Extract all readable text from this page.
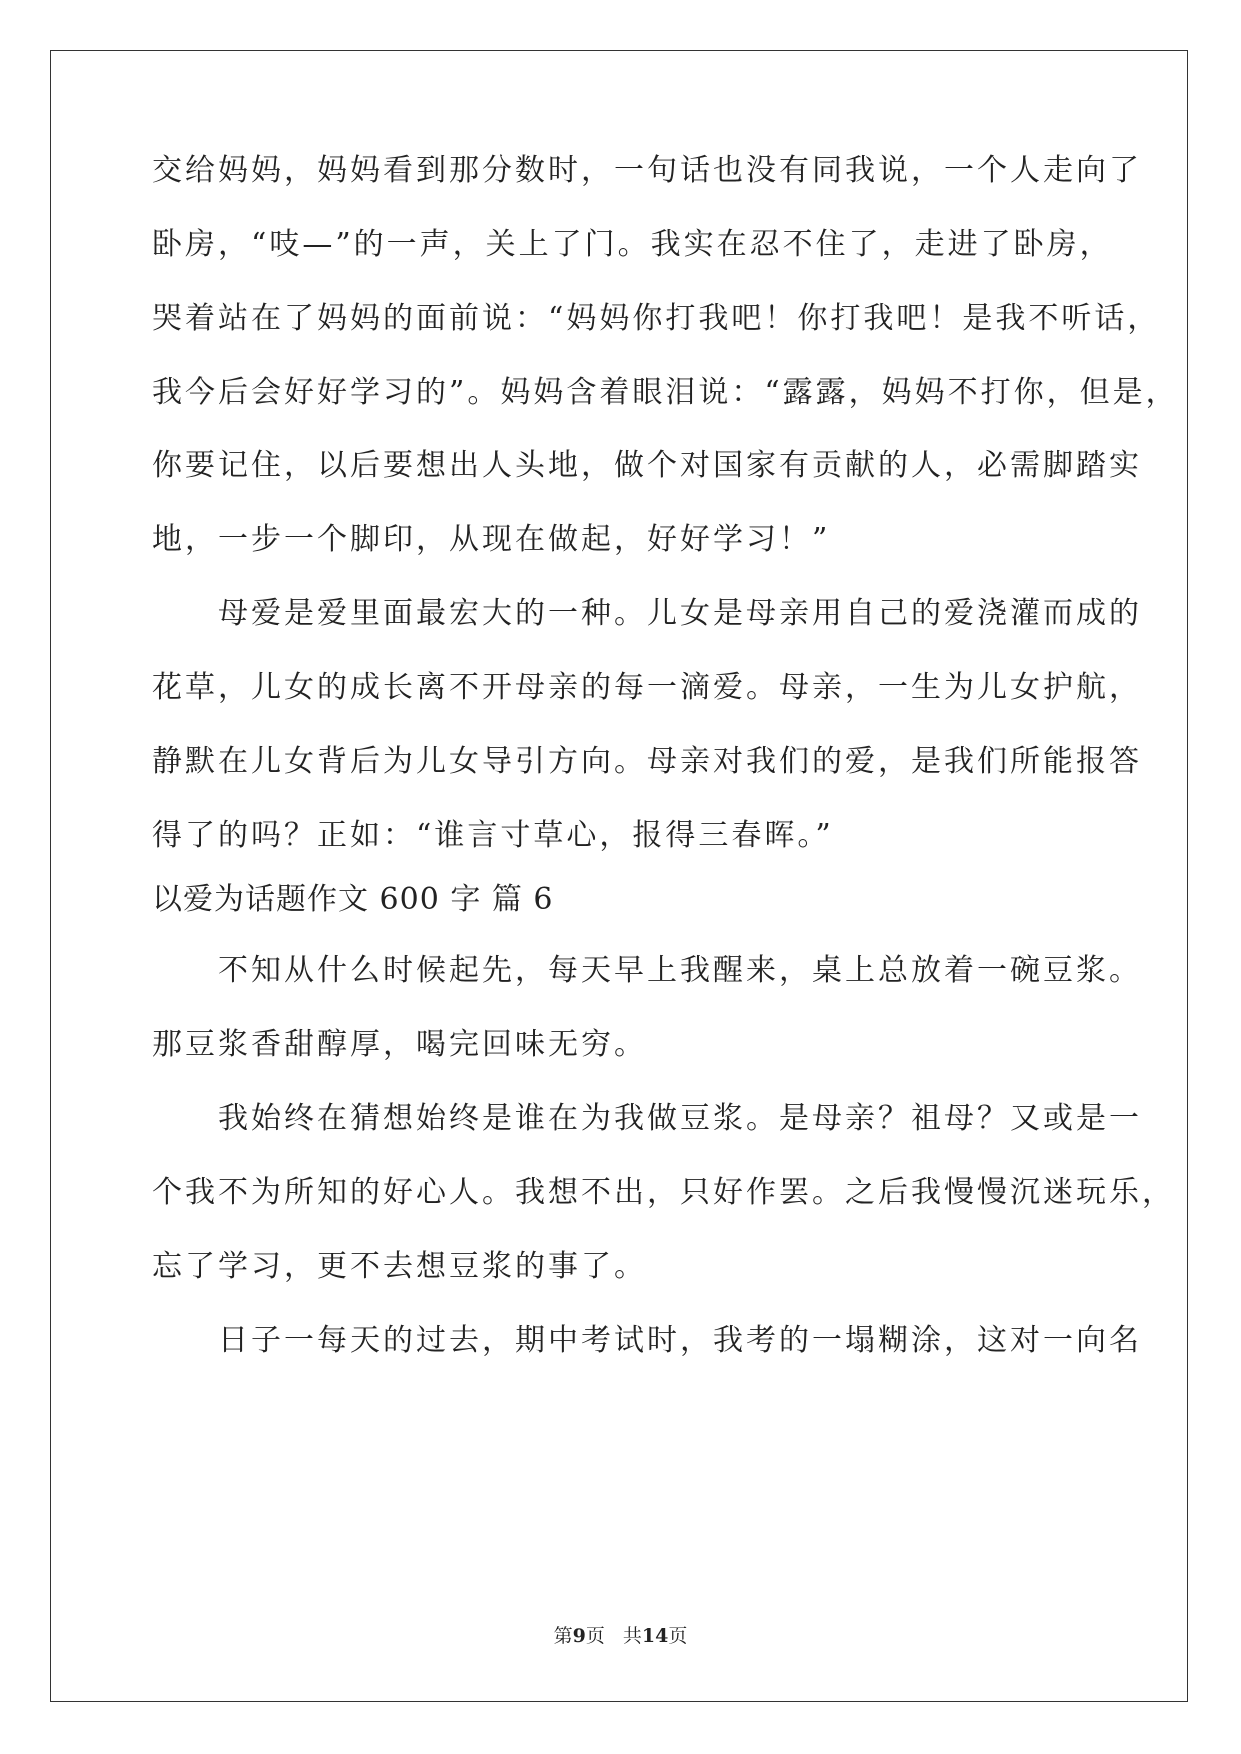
交给妈妈，妈妈看到那分数时，一句话也没有同我说，一个人走向了
卧房，“吱—”的一声，关上了门。我实在忍不住了，走进了卧房，
哭着站在了妈妈的面前说：“妈妈你打我吧！你打我吧！是我不听话，
我今后会好好学习的”。妈妈含着眼泪说：“露露，妈妈不打你，但是，
你要记住，以后要想出人头地，做个对国家有贡献的人，必需脚踏实
地，一步一个脚印，从现在做起，好好学习！”
　　母爱是爱里面最宏大的一种。儿女是母亲用自己的爱浇灌而成的
花草，儿女的成长离不开母亲的每一滴爱。母亲，一生为儿女护航，
静默在儿女背后为儿女导引方向。母亲对我们的爱，是我们所能报答
得了的吗？正如：“谁言寸草心，报得三春晖。”
以爱为话题作文 600 字 篇 6
　　不知从什么时候起先，每天早上我醒来，桌上总放着一碗豆浆。
那豆浆香甜醇厚，喝完回味无穷。
　　我始终在猜想始终是谁在为我做豆浆。是母亲？祖母？又或是一
个我不为所知的好心人。我想不出，只好作罢。之后我慢慢沉迷玩乐，
忘了学习，更不去想豆浆的事了。
　　日子一每天的过去，期中考试时，我考的一塌糊涂，这对一向名
第9页 共14页
